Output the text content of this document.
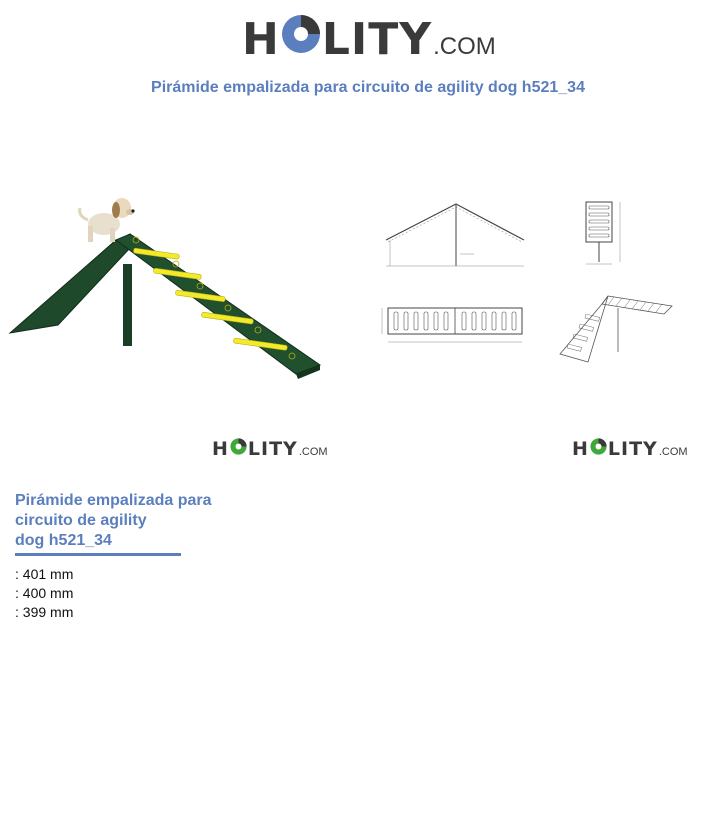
H LITY .COM
Pirámide empalizada para circuito de agility dog h521_34
H LITY .COM	H LITY .COM
Pirámide empalizada para
circuito de agility
dog h521_34
: 401 mm
: 400 mm
: 399 mm
